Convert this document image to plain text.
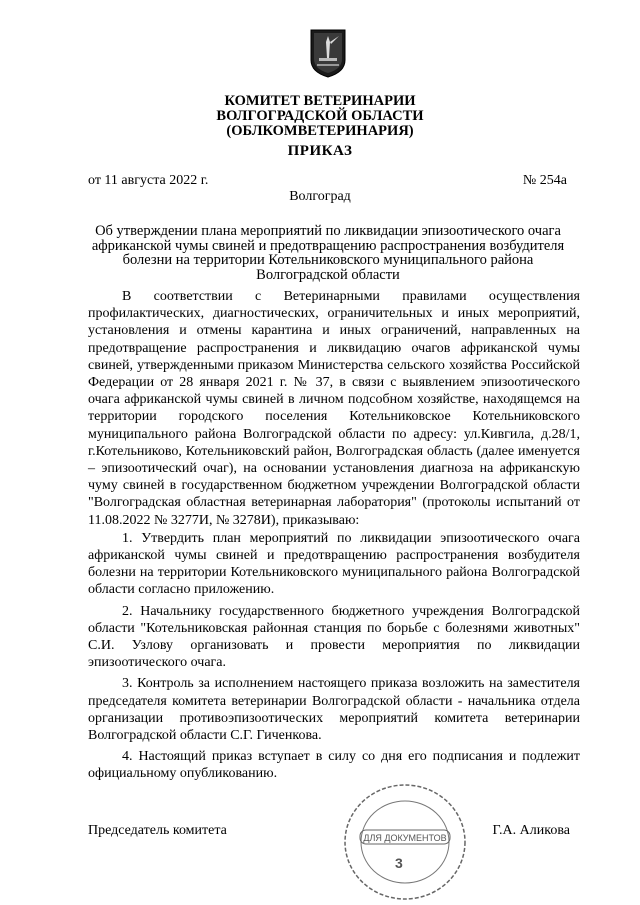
КОМИТЕТ ВЕТЕРИНАРИИ
ВОЛГОГРАДСКОЙ ОБЛАСТИ
(ОБЛКОМВЕТЕРИНАРИЯ)
ПРИКАЗ
от 11 августа 2022 г.	№ 254а
Волгоград
Об утверждении плана мероприятий по ликвидации эпизоотического очага африканской чумы свиней и предотвращению распространения возбудителя болезни на территории Котельниковского муниципального района Волгоградской области

В соответствии с Ветеринарными правилами осуществления профилактических, диагностических, ограничительных и иных мероприятий, установления и отмены карантина и иных ограничений, направленных на предотвращение распространения и ликвидацию очагов африканской чумы свиней, утвержденными приказом Министерства сельского хозяйства Российской Федерации от 28 января 2021 г. № 37, в связи с выявлением эпизоотического очага африканской чумы свиней в личном подсобном хозяйстве, находящемся на территории городского поселения Котельниковское Котельниковского муниципального района Волгоградской области по адресу: ул.Кивгила, д.28/1, г.Котельниково, Котельниковский район, Волгоградская область (далее именуется – эпизоотический очаг), на основании установления диагноза на африканскую чуму свиней в государственном бюджетном учреждении Волгоградской области "Волгоградская областная ветеринарная лаборатория" (протоколы испытаний от 11.08.2022 № 3277И, № 3278И), приказываю:

1. Утвердить план мероприятий по ликвидации эпизоотического очага африканской чумы свиней и предотвращению распространения возбудителя болезни на территории Котельниковского муниципального района Волгоградской области согласно приложению.

2. Начальнику государственного бюджетного учреждения Волгоградской области "Котельниковская районная станция по борьбе с болезнями животных" С.И. Узлову организовать и провести мероприятия по ликвидации эпизоотического очага.

3. Контроль за исполнением настоящего приказа возложить на заместителя председателя комитета ветеринарии Волгоградской области - начальника отдела организации противоэпизоотических мероприятий комитета ветеринарии Волгоградской области С.Г. Гиченкова.

4. Настоящий приказ вступает в силу со дня его подписания и подлежит официальному опубликованию.

ДЛЯ ДОКУМЕНТОВ
3
Председатель комитета	Г.А. Аликова
